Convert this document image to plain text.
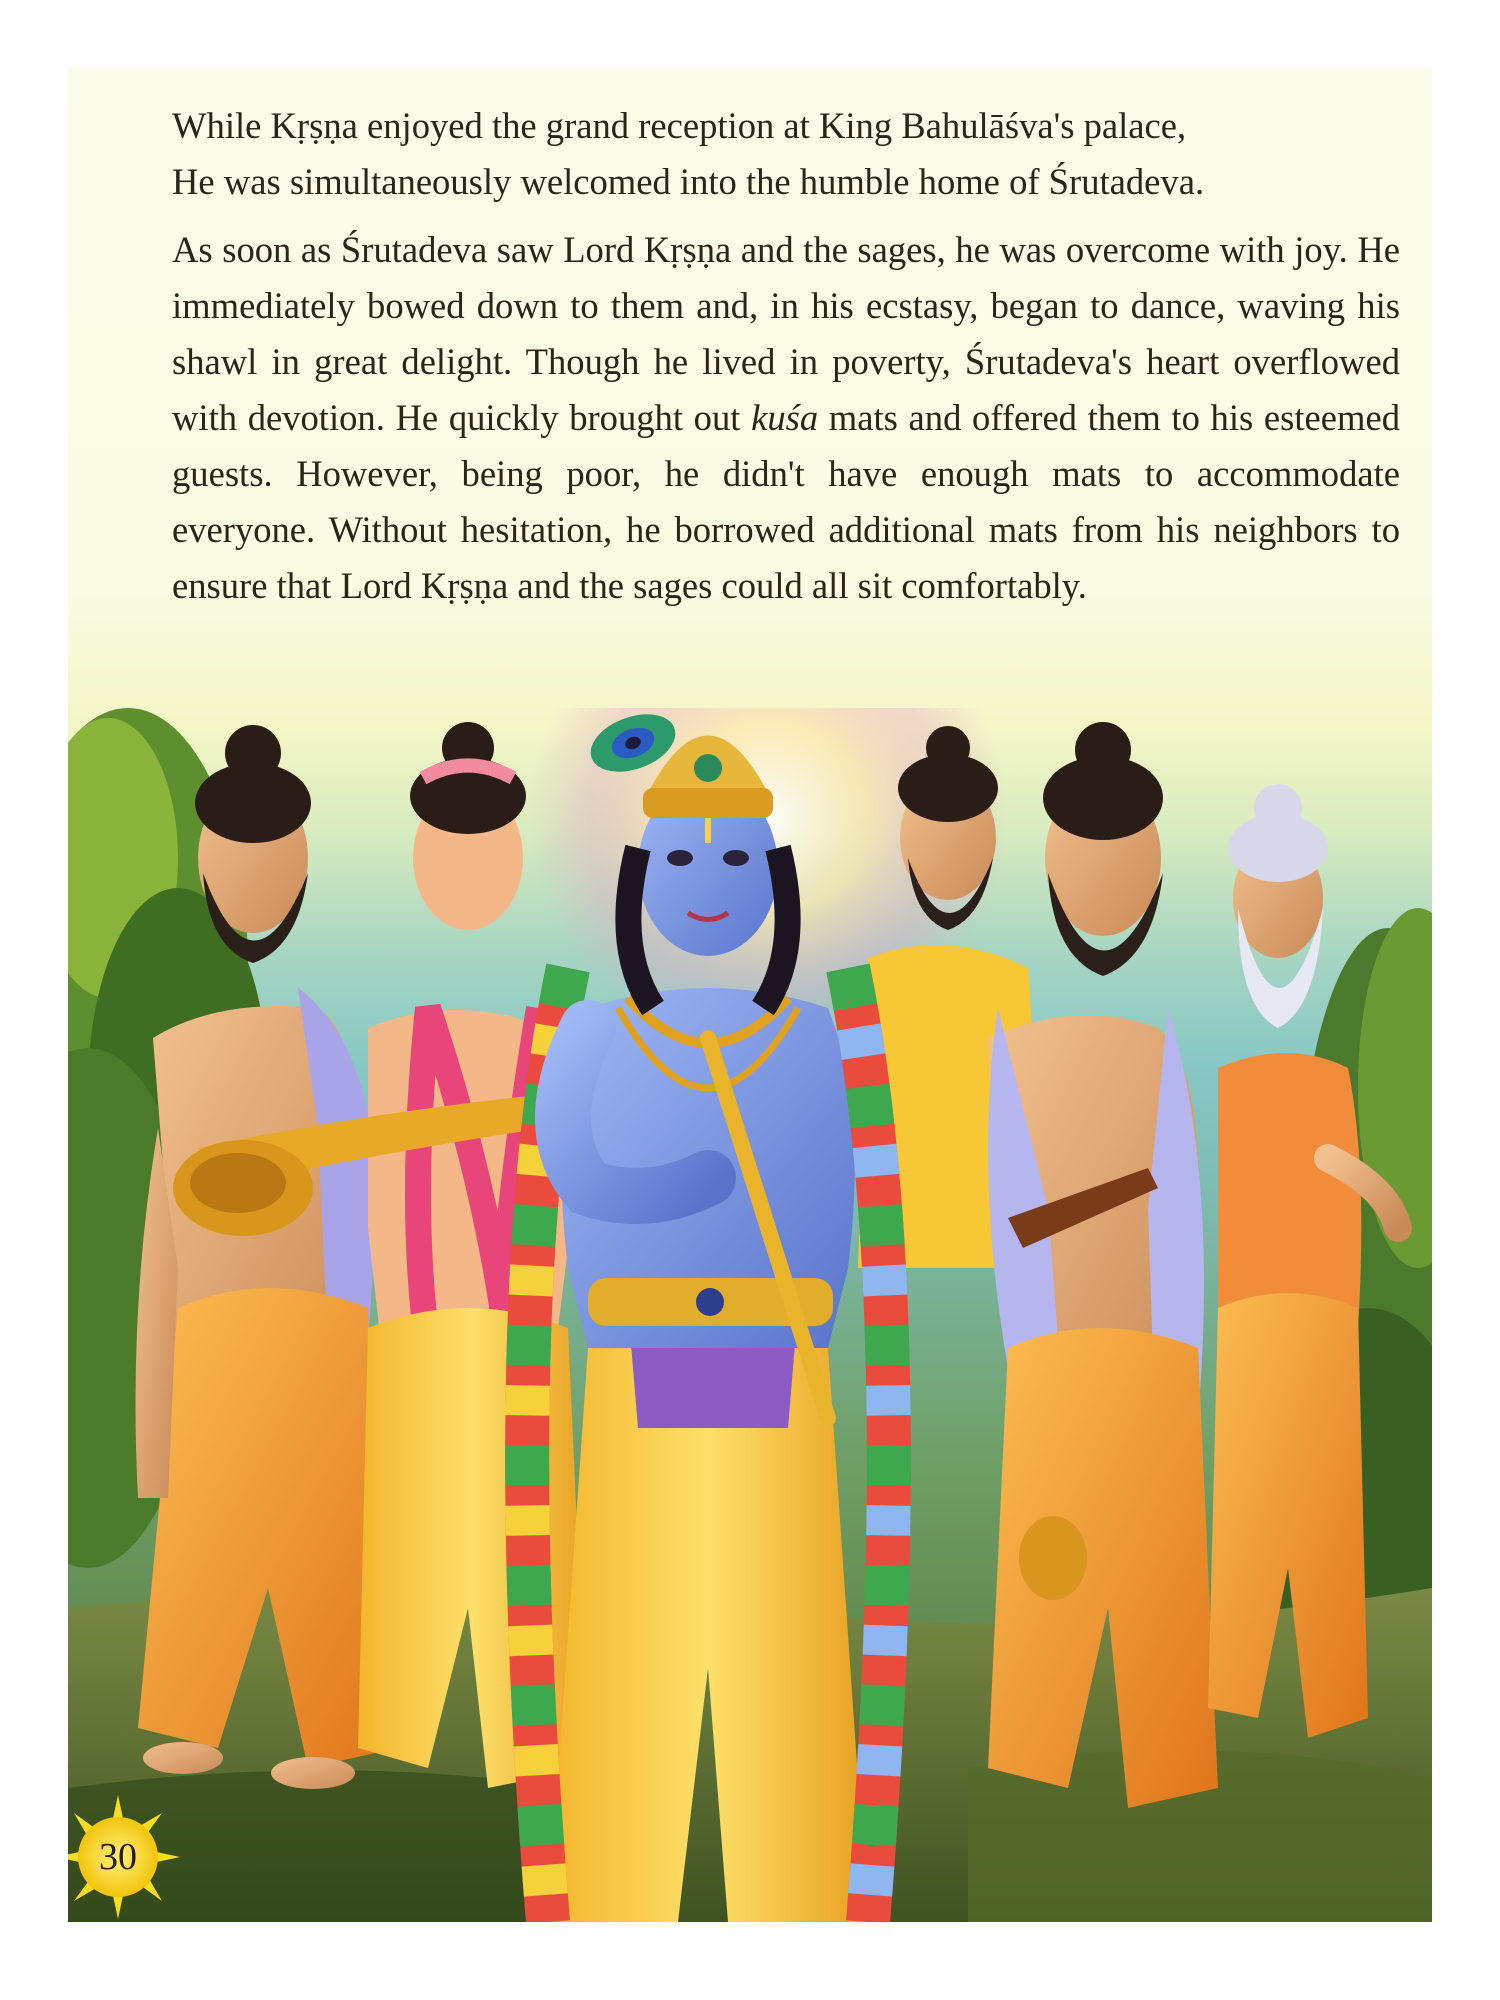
While Kṛṣṇa enjoyed the grand reception at King Bahulāśva's palace,
He was simultaneously welcomed into the humble home of Śrutadeva.

As soon as Śrutadeva saw Lord Kṛṣṇa and the sages, he was overcome with joy. He immediately bowed down to them and, in his ecstasy, began to dance, waving his shawl in great delight. Though he lived in poverty, Śrutadeva's heart overflowed with devotion. He quickly brought out kuśa mats and offered them to his esteemed guests. However, being poor, he didn't have enough mats to accommodate everyone. Without hesitation, he borrowed additional mats from his neighbors to ensure that Lord Kṛṣṇa and the sages could all sit comfortably.

30
